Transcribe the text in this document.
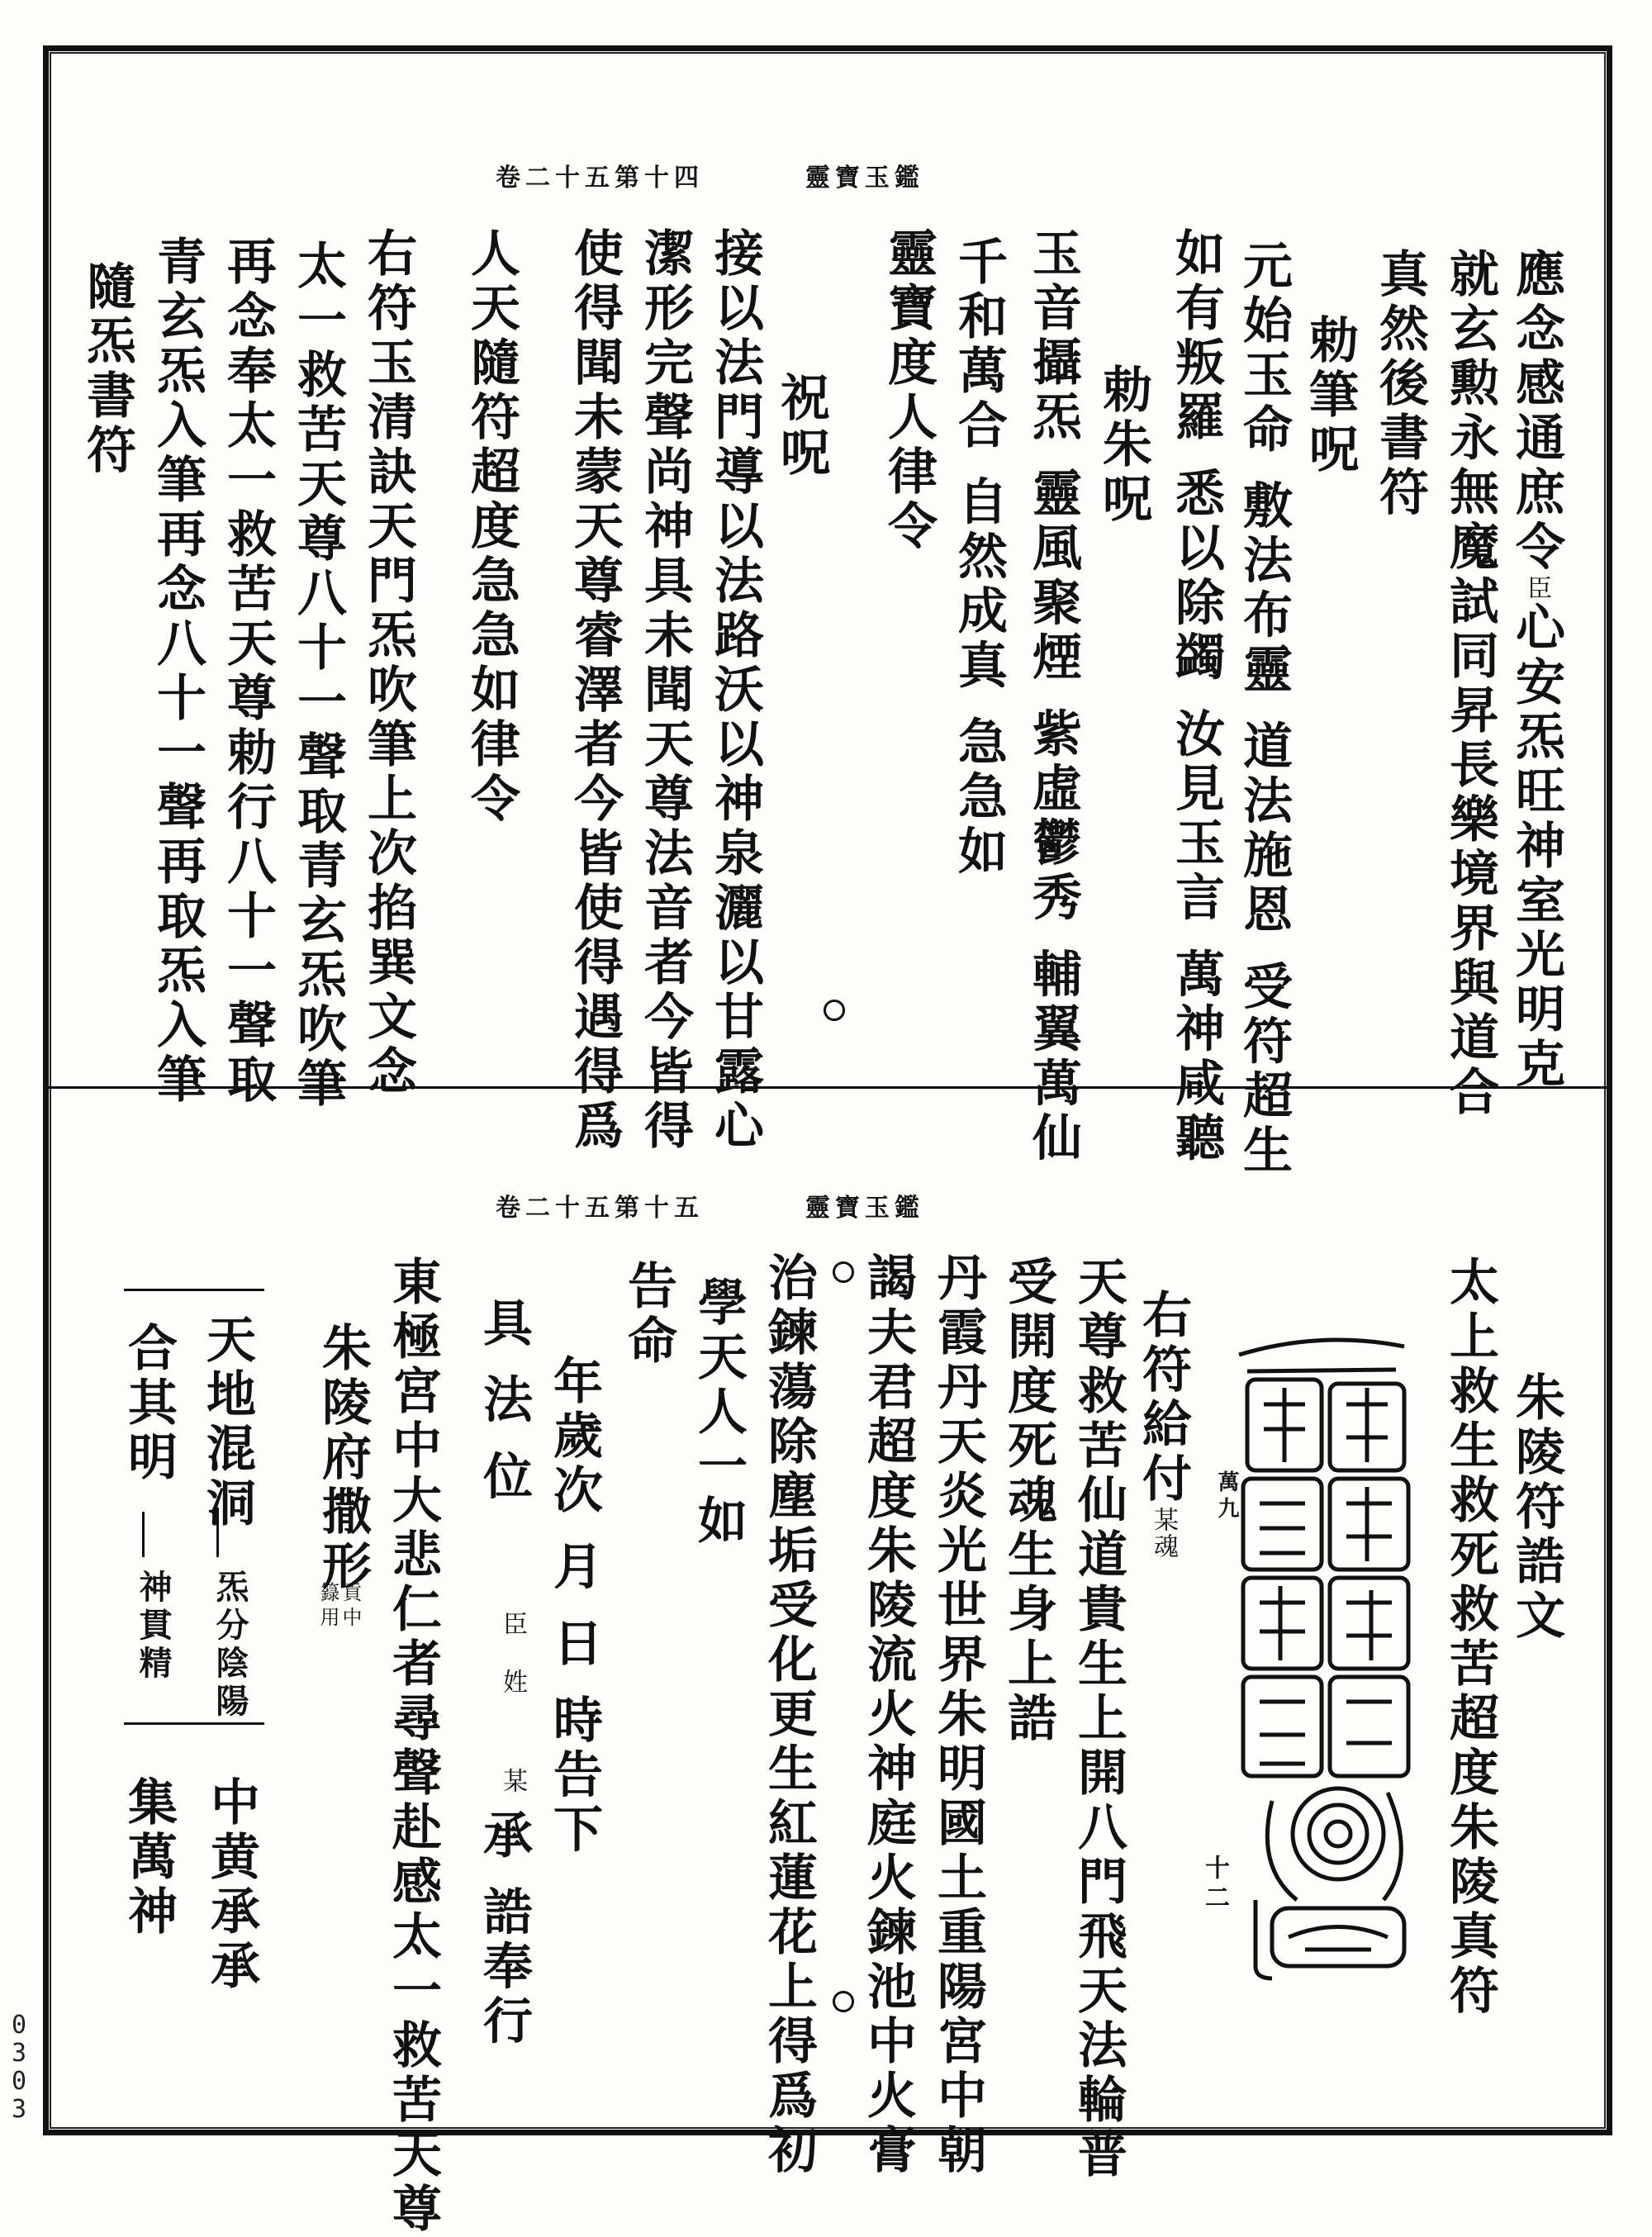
卷二十五第十四	靈寶玉鑑
卷二十五第十五	靈寶玉鑑
0
3
0
3
應念感通庶令臣心安炁旺神室光明克
就玄勲永無魔試同昇長樂境界與道合
真然後書符
勅筆呪
元始玉命 敷法布靈 道法施恩 受符超生
如有叛羅 悉以除蠲 汝見玉言 萬神咸聽
勅朱呪
玉音攝炁 靈風聚煙 紫虛鬱秀 輔翼萬仙
千和萬合 自然成真 急急如
靈寶度人律令
祝呪
接以法門導以法路沃以神泉灑以甘露心
潔形完聲尚神具未聞天尊法音者今皆得
使得聞未蒙天尊睿澤者今皆使得遇得爲
人天隨符超度急急如律令
右符玉清訣天門炁吹筆上次掐巽文念
太一救苦天尊八十一聲取青玄炁吹筆
再念奉太一救苦天尊勅行八十一聲取
青玄炁入筆再念八十一聲再取炁入筆
隨炁書符
朱陵符誥文
太上救生救死救苦超度朱陵真符
十二
萬九
右符給付某魂
天尊救苦仙道貴生上開八門飛天法輪普
受開度死魂生身上誥
丹霞丹天炎光世界朱明國土重陽宮中朝
謁夫君超度朱陵流火神庭火鍊池中火膏
治鍊蕩除塵垢受化更生紅蓮花上得爲初
學天人一如
告命
年歲次 月 日 時告下
具 法 位
臣
姓
某
承 誥奉行
東極宮中大悲仁者尋聲赴感太一救苦天尊
朱陵府撒形
貢中
籙用
天地混洞
炁分陰陽
中黄承承
合其明
神貫精
集萬神
